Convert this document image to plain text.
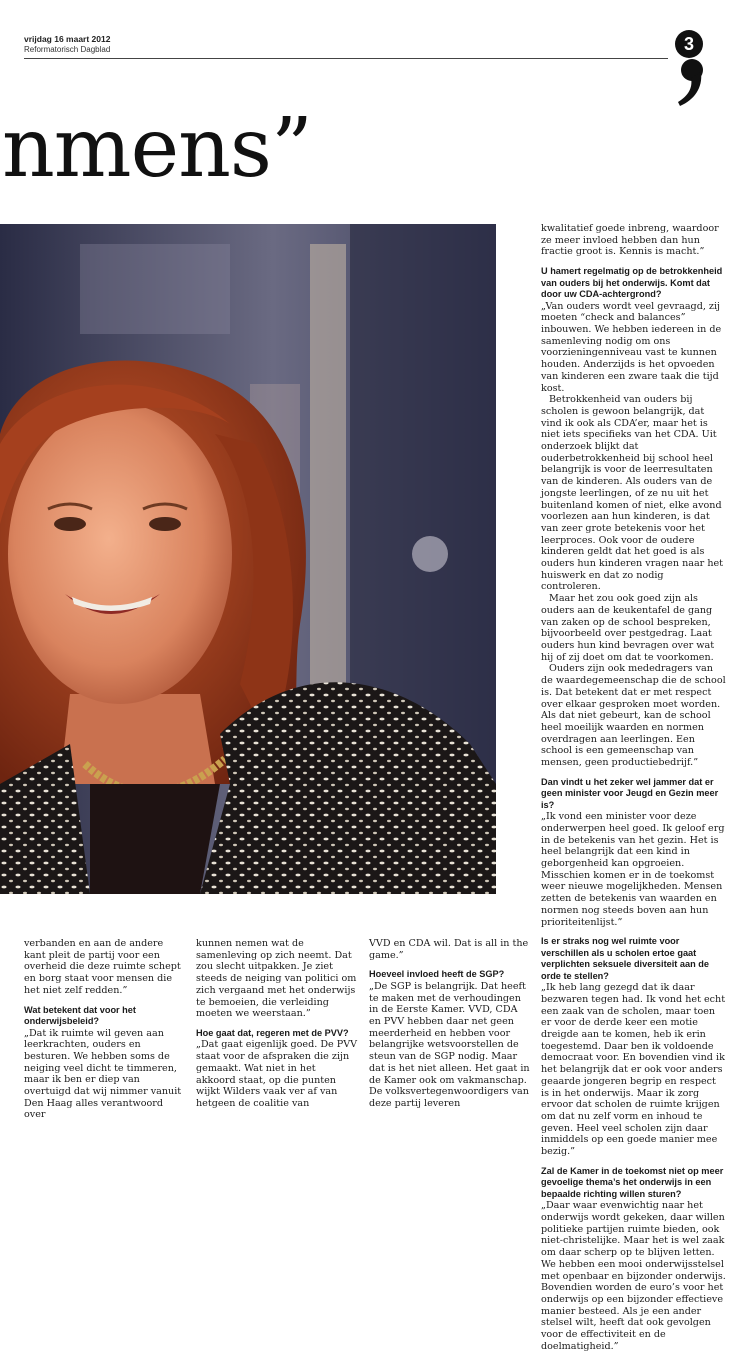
vrijdag 16 maart 2012
Reformatorisch Dagblad	3
nmens”

kwalitatief goede inbreng, waardoor ze meer invloed hebben dan hun fractie groot is. Kennis is macht.”

U hamert regelmatig op de betrokkenheid van ouders bij het onderwijs. Komt dat door uw CDA-achtergrond?

„Van ouders wordt veel gevraagd, zij moeten “check and balances” inbouwen. We hebben iedereen in de samenleving nodig om ons voorzieningenniveau vast te kunnen houden. Anderzijds is het opvoeden van kinderen een zware taak die tijd kost.

Betrokkenheid van ouders bij scholen is gewoon belangrijk, dat vind ik ook als CDA’er, maar het is niet iets specifieks van het CDA. Uit onderzoek blijkt dat ouderbetrokkenheid bij school heel belangrijk is voor de leerresultaten van de kinderen. Als ouders van de jongste leerlingen, of ze nu uit het buitenland komen of niet, elke avond voorlezen aan hun kinderen, is dat van zeer grote betekenis voor het leerproces. Ook voor de oudere kinderen geldt dat het goed is als ouders hun kinderen vragen naar het huiswerk en dat zo nodig controleren.

Maar het zou ook goed zijn als ouders aan de keukentafel de gang van zaken op de school bespreken, bijvoorbeeld over pestgedrag. Laat ouders hun kind bevragen over wat hij of zij doet om dat te voorkomen.

Ouders zijn ook mededragers van de waardegemeenschap die de school is. Dat betekent dat er met respect over elkaar gesproken moet worden. Als dat niet gebeurt, kan de school heel moeilijk waarden en normen overdragen aan leerlingen. Een school is een gemeenschap van mensen, geen productiebedrijf.”

Dan vindt u het zeker wel jammer dat er geen minister voor Jeugd en Gezin meer is?

„Ik vond een minister voor deze onderwerpen heel goed. Ik geloof erg in de betekenis van het gezin. Het is heel belangrijk dat een kind in geborgenheid kan opgroeien. Misschien komen er in de toekomst weer nieuwe mogelijkheden. Mensen zetten de betekenis van waarden en normen nog steeds boven aan hun prioriteitenlijst.”

Is er straks nog wel ruimte voor verschillen als u scholen ertoe gaat verplichten seksuele diversiteit aan de orde te stellen?

„Ik heb lang gezegd dat ik daar bezwaren tegen had. Ik vond het echt een zaak van de scholen, maar toen er voor de derde keer een motie dreigde aan te komen, heb ik erin toegestemd. Daar ben ik voldoende democraat voor. En bovendien vind ik het belangrijk dat er ook voor anders geaarde jongeren begrip en respect is in het onderwijs. Maar ik zorg ervoor dat scholen de ruimte krijgen om dat nu zelf vorm en inhoud te geven. Heel veel scholen zijn daar inmiddels op een goede manier mee bezig.”

Zal de Kamer in de toekomst niet op meer gevoelige thema’s het onderwijs in een bepaalde richting willen sturen?

„Daar waar evenwichtig naar het onderwijs wordt gekeken, daar willen politieke partijen ruimte bieden, ook niet-christelijke. Maar het is wel zaak om daar scherp op te blijven letten. We hebben een mooi onderwijsstelsel met openbaar en bijzonder onderwijs. Bovendien worden de euro’s voor het onderwijs op een bijzonder effectieve manier besteed. Als je een ander stelsel wilt, heeft dat ook gevolgen voor de effectiviteit en de doelmatigheid.”

verbanden en aan de andere kant pleit de partij voor een overheid die deze ruimte schept en borg staat voor mensen die het niet zelf redden.”

Wat betekent dat voor het onderwijsbeleid?

„Dat ik ruimte wil geven aan leerkrachten, ouders en besturen. We hebben soms de neiging veel dicht te timmeren, maar ik ben er diep van overtuigd dat wij nimmer vanuit Den Haag alles verantwoord over

kunnen nemen wat de samenleving op zich neemt. Dat zou slecht uitpakken. Je ziet steeds de neiging van politici om zich vergaand met het onderwijs te bemoeien, die verleiding moeten we weerstaan.”

Hoe gaat dat, regeren met de PVV?

„Dat gaat eigenlijk goed. De PVV staat voor de afspraken die zijn gemaakt. Wat niet in het akkoord staat, op die punten wijkt Wilders vaak ver af van hetgeen de coalitie van

VVD en CDA wil. Dat is all in the game.”

Hoeveel invloed heeft de SGP?

„De SGP is belangrijk. Dat heeft te maken met de verhoudingen in de Eerste Kamer. VVD, CDA en PVV hebben daar net geen meerderheid en hebben voor belangrijke wetsvoorstellen de steun van de SGP nodig. Maar dat is het niet alleen. Het gaat in de Kamer ook om vakmanschap. De volksvertegenwoordigers van deze partij leveren
